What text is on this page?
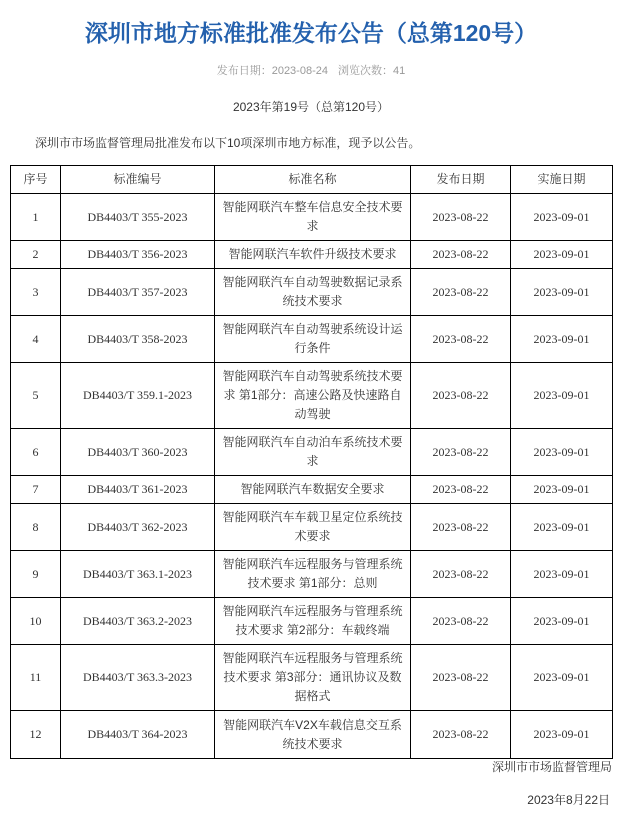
深圳市地方标准批准发布公告（总第120号）
发布日期：2023-08-24 浏览次数：41
2023年第19号（总第120号）

深圳市市场监督管理局批准发布以下10项深圳市地方标准，现予以公告。

序号	标准编号	标准名称	发布日期	实施日期
1	DB4403/T 355-2023	智能网联汽车整车信息安全技术要求	2023-08-22	2023-09-01
2	DB4403/T 356-2023	智能网联汽车软件升级技术要求	2023-08-22	2023-09-01
3	DB4403/T 357-2023	智能网联汽车自动驾驶数据记录系统技术要求	2023-08-22	2023-09-01
4	DB4403/T 358-2023	智能网联汽车自动驾驶系统设计运行条件	2023-08-22	2023-09-01
5	DB4403/T 359.1-2023	智能网联汽车自动驾驶系统技术要求 第1部分：高速公路及快速路自动驾驶	2023-08-22	2023-09-01
6	DB4403/T 360-2023	智能网联汽车自动泊车系统技术要求	2023-08-22	2023-09-01
7	DB4403/T 361-2023	智能网联汽车数据安全要求	2023-08-22	2023-09-01
8	DB4403/T 362-2023	智能网联汽车车载卫星定位系统技术要求	2023-08-22	2023-09-01
9	DB4403/T 363.1-2023	智能网联汽车远程服务与管理系统技术要求 第1部分：总则	2023-08-22	2023-09-01
10	DB4403/T 363.2-2023	智能网联汽车远程服务与管理系统技术要求 第2部分：车载终端	2023-08-22	2023-09-01
11	DB4403/T 363.3-2023	智能网联汽车远程服务与管理系统技术要求 第3部分：通讯协议及数据格式	2023-08-22	2023-09-01
12	DB4403/T 364-2023	智能网联汽车V2X车载信息交互系统技术要求	2023-08-22	2023-09-01
深圳市市场监督管理局
2023年8月22日
